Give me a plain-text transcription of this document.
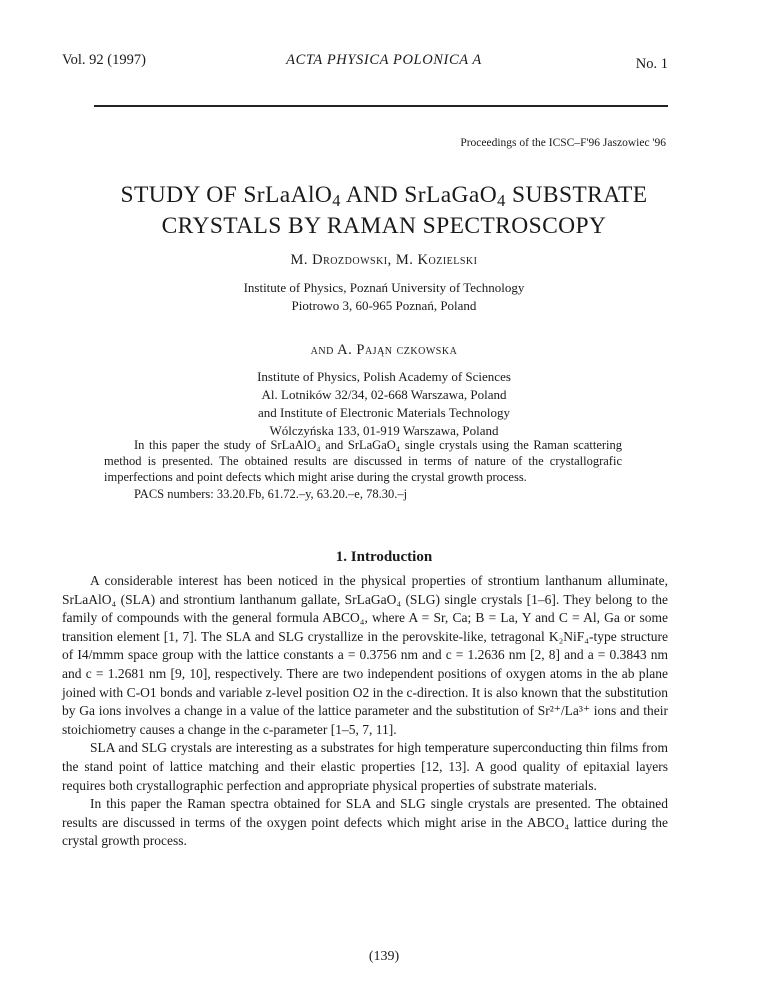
Vol. 92 (1997)	ACTA PHYSICA POLONICA A	No. 1
Proceedings of the ICSC–F'96 Jaszowiec '96
STUDY OF SrLaAlO$_4$ AND SrLaGaO$_4$ SUBSTRATE
CRYSTALS BY RAMAN SPECTROSCOPY
M. Drozdowski, M. Kozielski
Institute of Physics, Poznań University of Technology
Piotrowo 3, 60-965 Poznań, Poland
and A. Pająn czkowska
Institute of Physics, Polish Academy of Sciences
Al. Lotników 32/34, 02-668 Warszawa, Poland
and Institute of Electronic Materials Technology
Wólczyńska 133, 01-919 Warszawa, Poland

In this paper the study of SrLaAlO₄ and SrLaGaO₄ single crystals using the Raman scattering method is presented. The obtained results are discussed in terms of nature of the crystallografic imperfections and point defects which might arise during the crystal growth process.

PACS numbers: 33.20.Fb, 61.72.–y, 63.20.–e, 78.30.–j

1. Introduction

A considerable interest has been noticed in the physical properties of strontium lanthanum alluminate, SrLaAlO₄ (SLA) and strontium lanthanum gallate, SrLaGaO₄ (SLG) single crystals [1–6]. They belong to the family of compounds with the general formula ABCO₄, where A = Sr, Ca; B = La, Y and C = Al, Ga or some transition element [1, 7]. The SLA and SLG crystallize in the perovskite-like, tetragonal K₂NiF₄-type structure of I4/mmm space group with the lattice constants a = 0.3756 nm and c = 1.2636 nm [2, 8] and a = 0.3843 nm and c = 1.2681 nm [9, 10], respectively. There are two independent positions of oxygen atoms in the ab plane joined with C-O1 bonds and variable z-level position O2 in the c-direction. It is also known that the substitution by Ga ions involves a change in a value of the lattice parameter and the substitution of Sr²⁺/La³⁺ ions and their stoichiometry causes a change in the c-parameter [1–5, 7, 11].

SLA and SLG crystals are interesting as a substrates for high temperature superconducting thin films from the stand point of lattice matching and their elastic properties [12, 13]. A good quality of epitaxial layers requires both crystallographic perfection and appropriate physical properties of substrate materials.

In this paper the Raman spectra obtained for SLA and SLG single crystals are presented. The obtained results are discussed in terms of the oxygen point defects which might arise in the ABCO₄ lattice during the crystal growth process.

(139)
